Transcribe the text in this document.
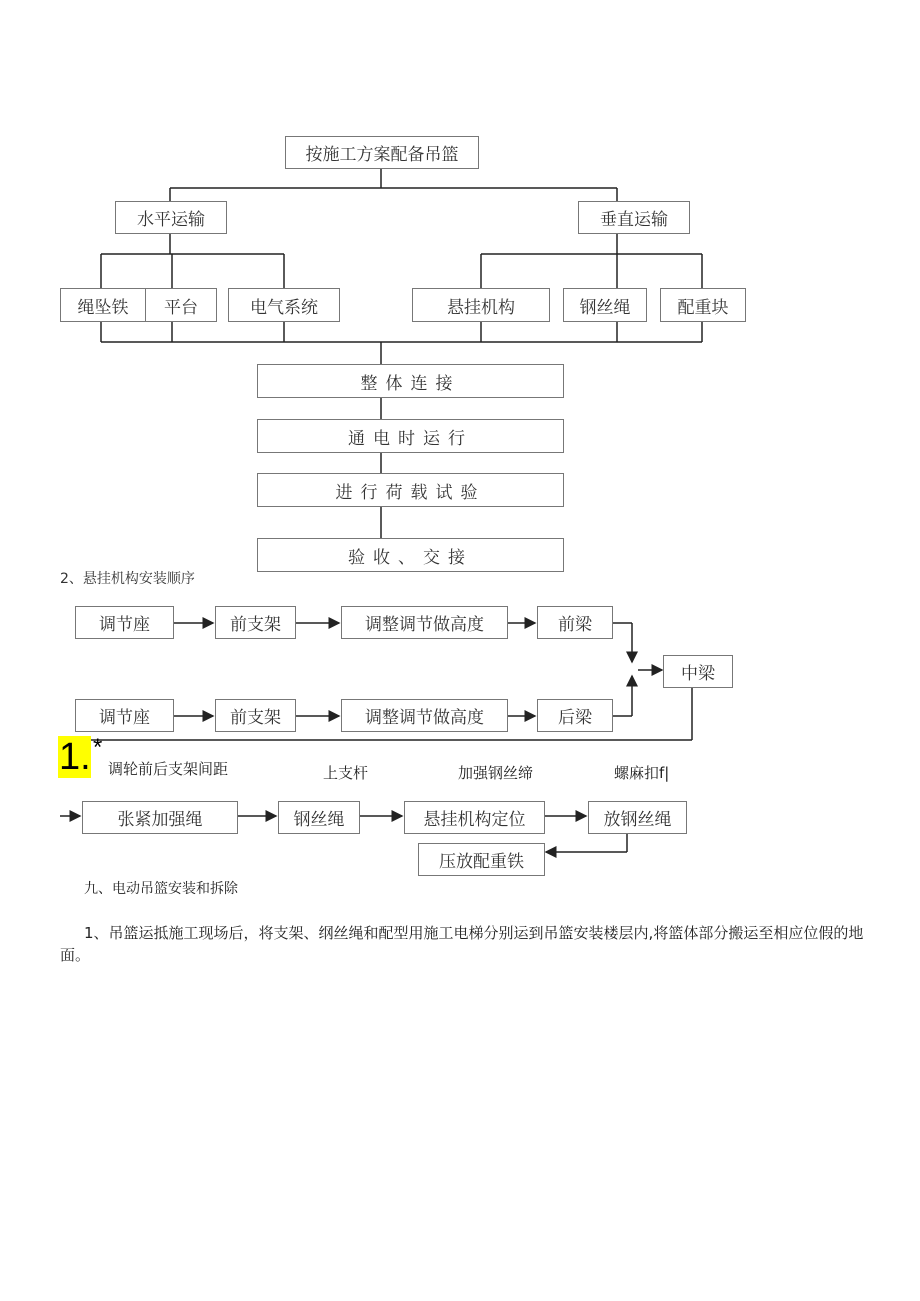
按施工方案配备吊篮
水平运输	垂直运输
绳坠铁	平台	电气系统	悬挂机构	钢丝绳	配重块
整体连接
通电时运行
进行荷载试验
验收、交接
2、悬挂机构安装顺序
调节座	前支架	调整调节做高度	前梁
调节座	前支架	调整调节做高度	后梁
中梁
1. *
调轮前后支架间距	上支杆	加强钢丝缔	螺麻扣f|
张紧加强绳	钢丝绳	悬挂机构定位	放钢丝绳
压放配重铁
九、电动吊篮安装和拆除
1、吊篮运抵施工现场后，将支架、纲丝绳和配型用施工电梯分别运到吊篮安装楼层内,将篮体部分搬运至相应位假的地面。
